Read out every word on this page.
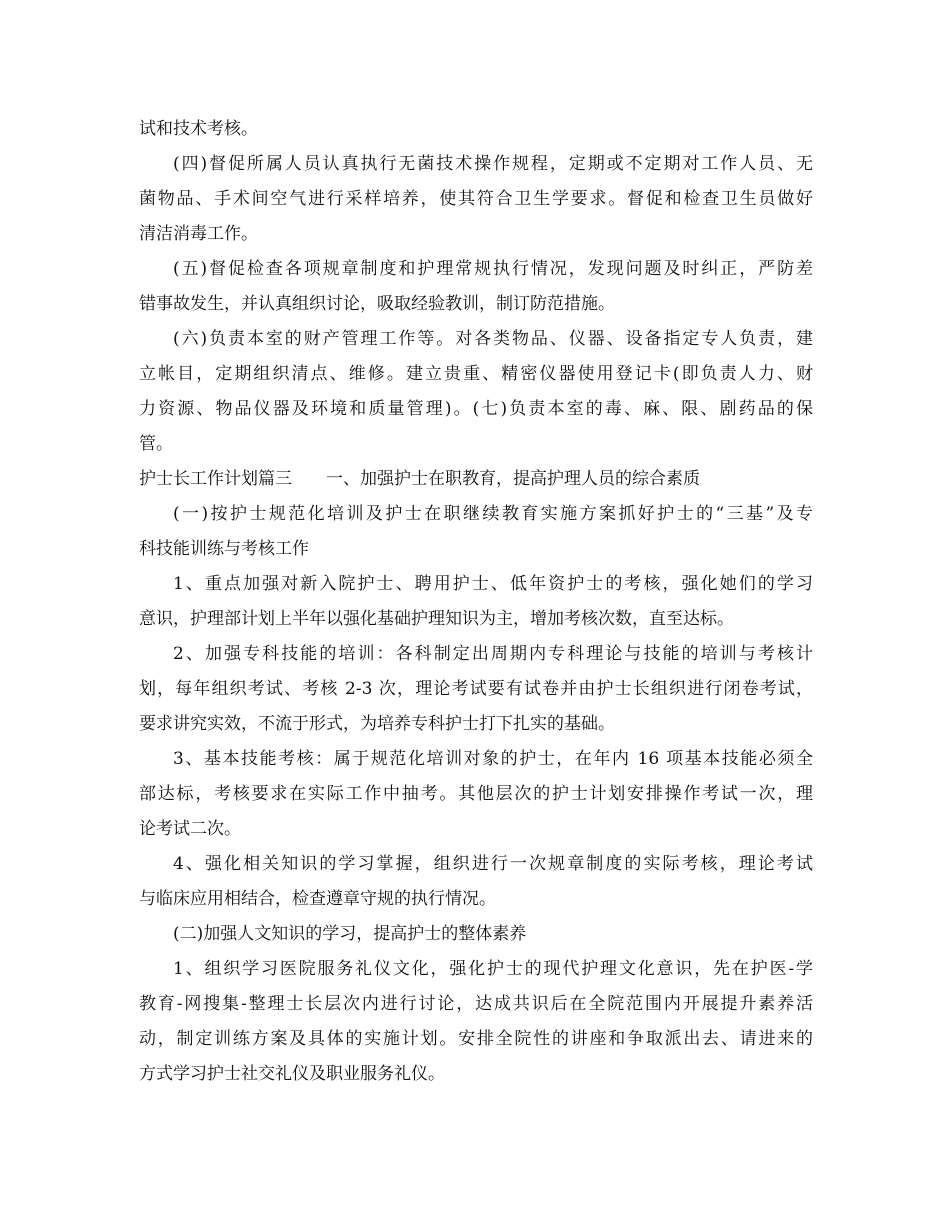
试和技术考核。
(四)督促所属人员认真执行无菌技术操作规程，定期或不定期对工作人员、无
菌物品、手术间空气进行采样培养，使其符合卫生学要求。督促和检查卫生员做好
清洁消毒工作。
(五)督促检查各项规章制度和护理常规执行情况，发现问题及时纠正，严防差
错事故发生，并认真组织讨论，吸取经验教训，制订防范措施。
(六)负责本室的财产管理工作等。对各类物品、仪器、设备指定专人负责，建
立帐目，定期组织清点、维修。建立贵重、精密仪器使用登记卡(即负责人力、财
力资源、物品仪器及环境和质量管理)。(七)负责本室的毒、麻、限、剧药品的保
管。
护士长工作计划篇三　　一、加强护士在职教育，提高护理人员的综合素质
(一)按护士规范化培训及护士在职继续教育实施方案抓好护士的“三基”及专
科技能训练与考核工作
1、重点加强对新入院护士、聘用护士、低年资护士的考核，强化她们的学习
意识，护理部计划上半年以强化基础护理知识为主，增加考核次数，直至达标。
2、加强专科技能的培训：各科制定出周期内专科理论与技能的培训与考核计
划，每年组织考试、考核 2-3 次，理论考试要有试卷并由护士长组织进行闭卷考试，
要求讲究实效，不流于形式，为培养专科护士打下扎实的基础。
3、基本技能考核：属于规范化培训对象的护士，在年内 16 项基本技能必须全
部达标，考核要求在实际工作中抽考。其他层次的护士计划安排操作考试一次，理
论考试二次。
4、强化相关知识的学习掌握，组织进行一次规章制度的实际考核，理论考试
与临床应用相结合，检查遵章守规的执行情况。
(二)加强人文知识的学习，提高护士的整体素养
1、组织学习医院服务礼仪文化，强化护士的现代护理文化意识，先在护医-学
教育-网搜集-整理士长层次内进行讨论，达成共识后在全院范围内开展提升素养活
动，制定训练方案及具体的实施计划。安排全院性的讲座和争取派出去、请进来的
方式学习护士社交礼仪及职业服务礼仪。
